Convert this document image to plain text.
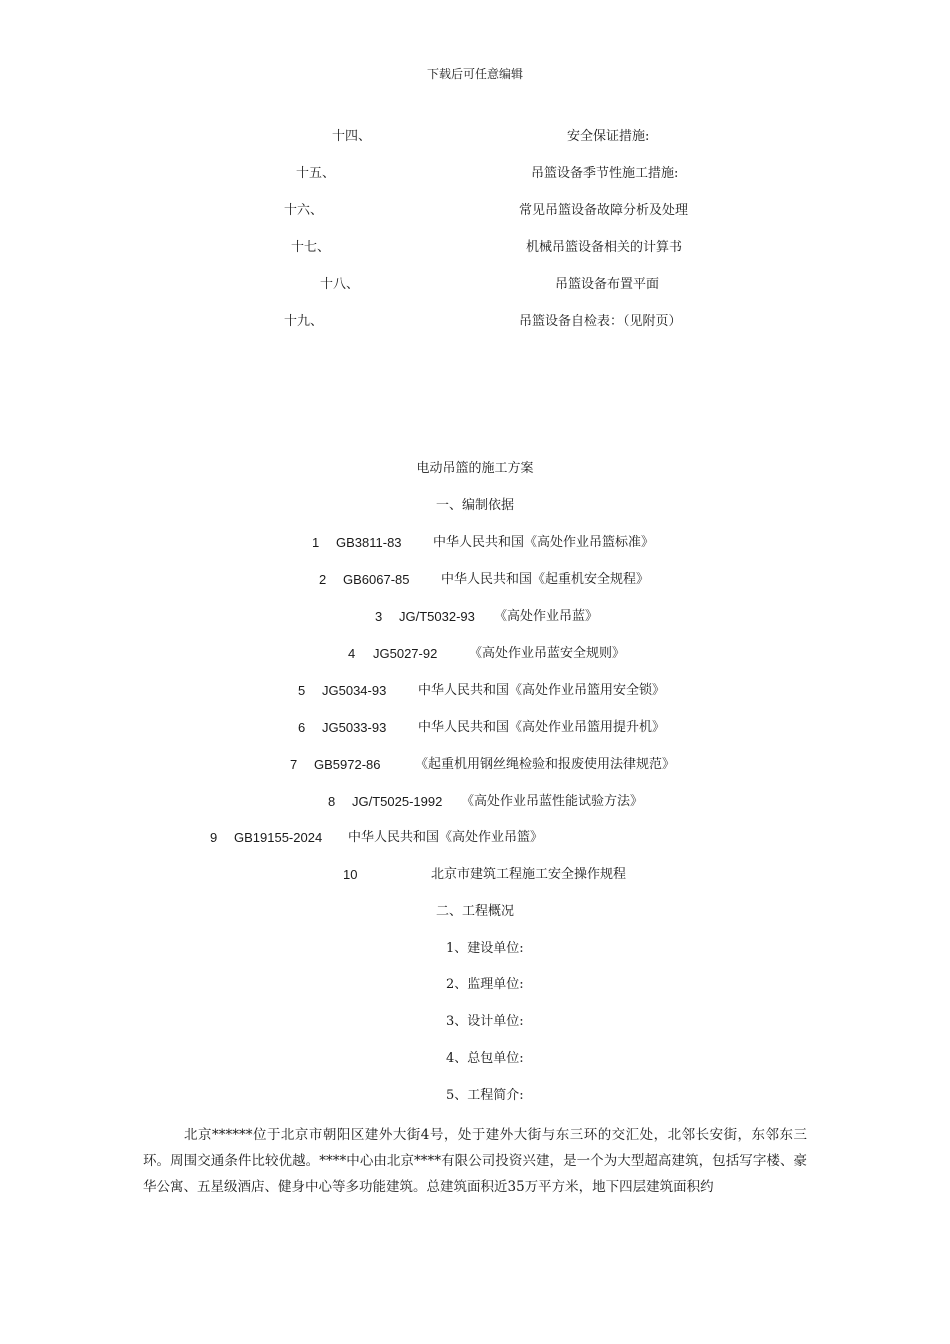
下载后可任意编辑
十四、	安全保证措施:
十五、	吊篮设备季节性施工措施:
十六、	常见吊篮设备故障分析及处理
十七、	机械吊篮设备相关的计算书
十八、	吊篮设备布置平面
十九、	吊篮设备自检表：（见附页）
电动吊篮的施工方案
一、编制依据
1 GB3811-83 中华人民共和国《高处作业吊篮标准》
2 GB6067-85 中华人民共和国《起重机安全规程》
3 JG/T5032-93 《高处作业吊蓝》
4 JG5027-92 《高处作业吊蓝安全规则》
5 JG5034-93 中华人民共和国《高处作业吊篮用安全锁》
6 JG5033-93 中华人民共和国《高处作业吊篮用提升机》
7 GB5972-86	《起重机用钢丝绳检验和报废使用法律规范》
8 JG/T5025-1992 《高处作业吊蓝性能试验方法》
9 GB19155-2024 中华人民共和国《高处作业吊篮》
10	北京市建筑工程施工安全操作规程
二、工程概况
1、建设单位:
2、监理单位:
3、设计单位:
4、总包单位:
5、工程简介:

北京******位于北京市朝阳区建外大街4号，处于建外大街与东三环的交汇处，北邻长安街，东邻东三环。周围交通条件比较优越。****中心由北京****有限公司投资兴建，是一个为大型超高建筑，包括写字楼、豪华公寓、五星级酒店、健身中心等多功能建筑。总建筑面积近35万平方米，地下四层建筑面积约
